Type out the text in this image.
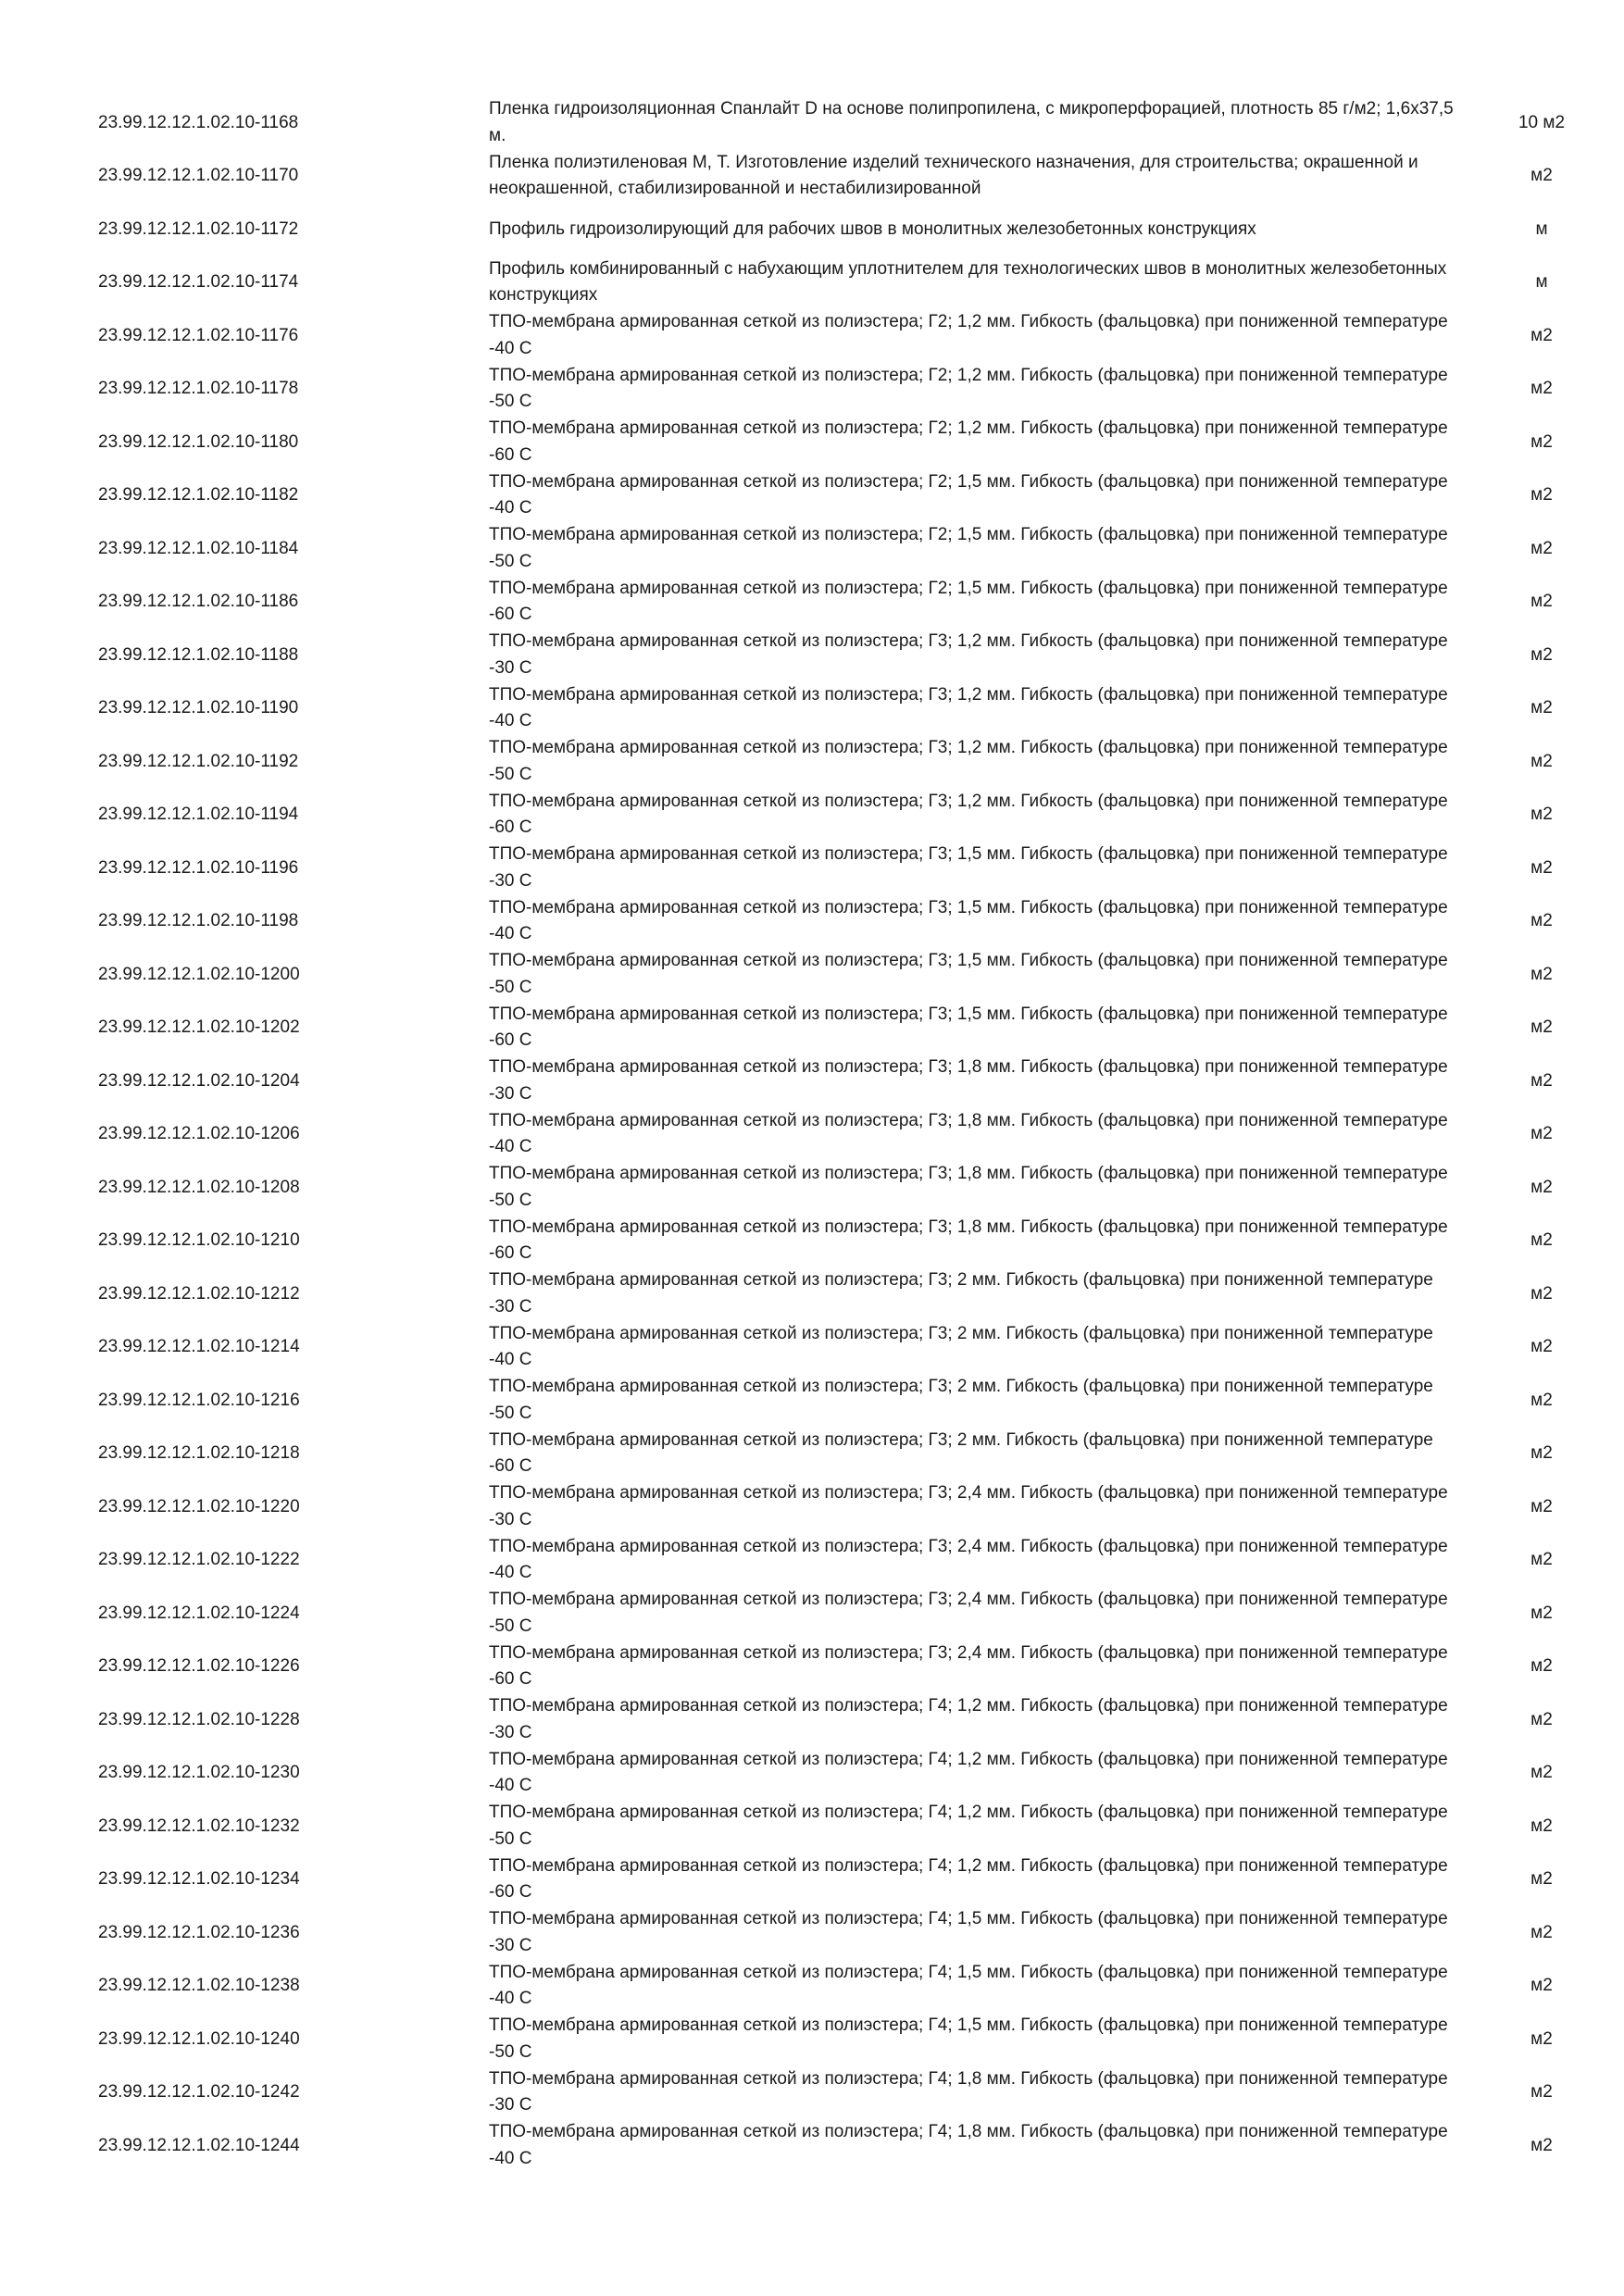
23.99.12.12.1.02.10-1168
Пленка гидроизоляционная Спанлайт D на основе полипропилена, с микроперфорацией, плотность 85 г/м2; 1,6х37,5 м.
10 м2
23.99.12.12.1.02.10-1170
Пленка полиэтиленовая М, Т. Изготовление изделий технического назначения, для строительства; окрашенной и неокрашенной, стабилизированной и нестабилизированной
м2
23.99.12.12.1.02.10-1172	Профиль гидроизолирующий для рабочих швов в монолитных железобетонных конструкциях	м
23.99.12.12.1.02.10-1174
Профиль комбинированный с набухающим уплотнителем для технологических швов в монолитных железобетонных конструкциях
м
23.99.12.12.1.02.10-1176
ТПО-мембрана армированная сеткой из полиэстера; Г2; 1,2 мм. Гибкость (фальцовка) при пониженной температуре -40 С
м2
23.99.12.12.1.02.10-1178
ТПО-мембрана армированная сеткой из полиэстера; Г2; 1,2 мм. Гибкость (фальцовка) при пониженной температуре -50 С
м2
23.99.12.12.1.02.10-1180
ТПО-мембрана армированная сеткой из полиэстера; Г2; 1,2 мм. Гибкость (фальцовка) при пониженной температуре -60 С
м2
23.99.12.12.1.02.10-1182
ТПО-мембрана армированная сеткой из полиэстера; Г2; 1,5 мм. Гибкость (фальцовка) при пониженной температуре -40 С
м2
23.99.12.12.1.02.10-1184
ТПО-мембрана армированная сеткой из полиэстера; Г2; 1,5 мм. Гибкость (фальцовка) при пониженной температуре -50 С
м2
23.99.12.12.1.02.10-1186
ТПО-мембрана армированная сеткой из полиэстера; Г2; 1,5 мм. Гибкость (фальцовка) при пониженной температуре -60 С
м2
23.99.12.12.1.02.10-1188
ТПО-мембрана армированная сеткой из полиэстера; Г3; 1,2 мм. Гибкость (фальцовка) при пониженной температуре -30 С
м2
23.99.12.12.1.02.10-1190
ТПО-мембрана армированная сеткой из полиэстера; Г3; 1,2 мм. Гибкость (фальцовка) при пониженной температуре -40 С
м2
23.99.12.12.1.02.10-1192
ТПО-мембрана армированная сеткой из полиэстера; Г3; 1,2 мм. Гибкость (фальцовка) при пониженной температуре -50 С
м2
23.99.12.12.1.02.10-1194
ТПО-мембрана армированная сеткой из полиэстера; Г3; 1,2 мм. Гибкость (фальцовка) при пониженной температуре -60 С
м2
23.99.12.12.1.02.10-1196
ТПО-мембрана армированная сеткой из полиэстера; Г3; 1,5 мм. Гибкость (фальцовка) при пониженной температуре -30 С
м2
23.99.12.12.1.02.10-1198
ТПО-мембрана армированная сеткой из полиэстера; Г3; 1,5 мм. Гибкость (фальцовка) при пониженной температуре -40 С
м2
23.99.12.12.1.02.10-1200
ТПО-мембрана армированная сеткой из полиэстера; Г3; 1,5 мм. Гибкость (фальцовка) при пониженной температуре -50 С
м2
23.99.12.12.1.02.10-1202
ТПО-мембрана армированная сеткой из полиэстера; Г3; 1,5 мм. Гибкость (фальцовка) при пониженной температуре -60 С
м2
23.99.12.12.1.02.10-1204
ТПО-мембрана армированная сеткой из полиэстера; Г3; 1,8 мм. Гибкость (фальцовка) при пониженной температуре -30 С
м2
23.99.12.12.1.02.10-1206
ТПО-мембрана армированная сеткой из полиэстера; Г3; 1,8 мм. Гибкость (фальцовка) при пониженной температуре -40 С
м2
23.99.12.12.1.02.10-1208
ТПО-мембрана армированная сеткой из полиэстера; Г3; 1,8 мм. Гибкость (фальцовка) при пониженной температуре -50 С
м2
23.99.12.12.1.02.10-1210
ТПО-мембрана армированная сеткой из полиэстера; Г3; 1,8 мм. Гибкость (фальцовка) при пониженной температуре -60 С
м2
23.99.12.12.1.02.10-1212
ТПО-мембрана армированная сеткой из полиэстера; Г3; 2 мм. Гибкость (фальцовка) при пониженной температуре -30 С
м2
23.99.12.12.1.02.10-1214
ТПО-мембрана армированная сеткой из полиэстера; Г3; 2 мм. Гибкость (фальцовка) при пониженной температуре -40 С
м2
23.99.12.12.1.02.10-1216
ТПО-мембрана армированная сеткой из полиэстера; Г3; 2 мм. Гибкость (фальцовка) при пониженной температуре -50 С
м2
23.99.12.12.1.02.10-1218
ТПО-мембрана армированная сеткой из полиэстера; Г3; 2 мм. Гибкость (фальцовка) при пониженной температуре -60 С
м2
23.99.12.12.1.02.10-1220
ТПО-мембрана армированная сеткой из полиэстера; Г3; 2,4 мм. Гибкость (фальцовка) при пониженной температуре -30 С
м2
23.99.12.12.1.02.10-1222
ТПО-мембрана армированная сеткой из полиэстера; Г3; 2,4 мм. Гибкость (фальцовка) при пониженной температуре -40 С
м2
23.99.12.12.1.02.10-1224
ТПО-мембрана армированная сеткой из полиэстера; Г3; 2,4 мм. Гибкость (фальцовка) при пониженной температуре -50 С
м2
23.99.12.12.1.02.10-1226
ТПО-мембрана армированная сеткой из полиэстера; Г3; 2,4 мм. Гибкость (фальцовка) при пониженной температуре -60 С
м2
23.99.12.12.1.02.10-1228
ТПО-мембрана армированная сеткой из полиэстера; Г4; 1,2 мм. Гибкость (фальцовка) при пониженной температуре -30 С
м2
23.99.12.12.1.02.10-1230
ТПО-мембрана армированная сеткой из полиэстера; Г4; 1,2 мм. Гибкость (фальцовка) при пониженной температуре -40 С
м2
23.99.12.12.1.02.10-1232
ТПО-мембрана армированная сеткой из полиэстера; Г4; 1,2 мм. Гибкость (фальцовка) при пониженной температуре -50 С
м2
23.99.12.12.1.02.10-1234
ТПО-мембрана армированная сеткой из полиэстера; Г4; 1,2 мм. Гибкость (фальцовка) при пониженной температуре -60 С
м2
23.99.12.12.1.02.10-1236
ТПО-мембрана армированная сеткой из полиэстера; Г4; 1,5 мм. Гибкость (фальцовка) при пониженной температуре -30 С
м2
23.99.12.12.1.02.10-1238
ТПО-мембрана армированная сеткой из полиэстера; Г4; 1,5 мм. Гибкость (фальцовка) при пониженной температуре -40 С
м2
23.99.12.12.1.02.10-1240
ТПО-мембрана армированная сеткой из полиэстера; Г4; 1,5 мм. Гибкость (фальцовка) при пониженной температуре -50 С
м2
23.99.12.12.1.02.10-1242
ТПО-мембрана армированная сеткой из полиэстера; Г4; 1,8 мм. Гибкость (фальцовка) при пониженной температуре -30 С
м2
23.99.12.12.1.02.10-1244
ТПО-мембрана армированная сеткой из полиэстера; Г4; 1,8 мм. Гибкость (фальцовка) при пониженной температуре -40 С
м2
